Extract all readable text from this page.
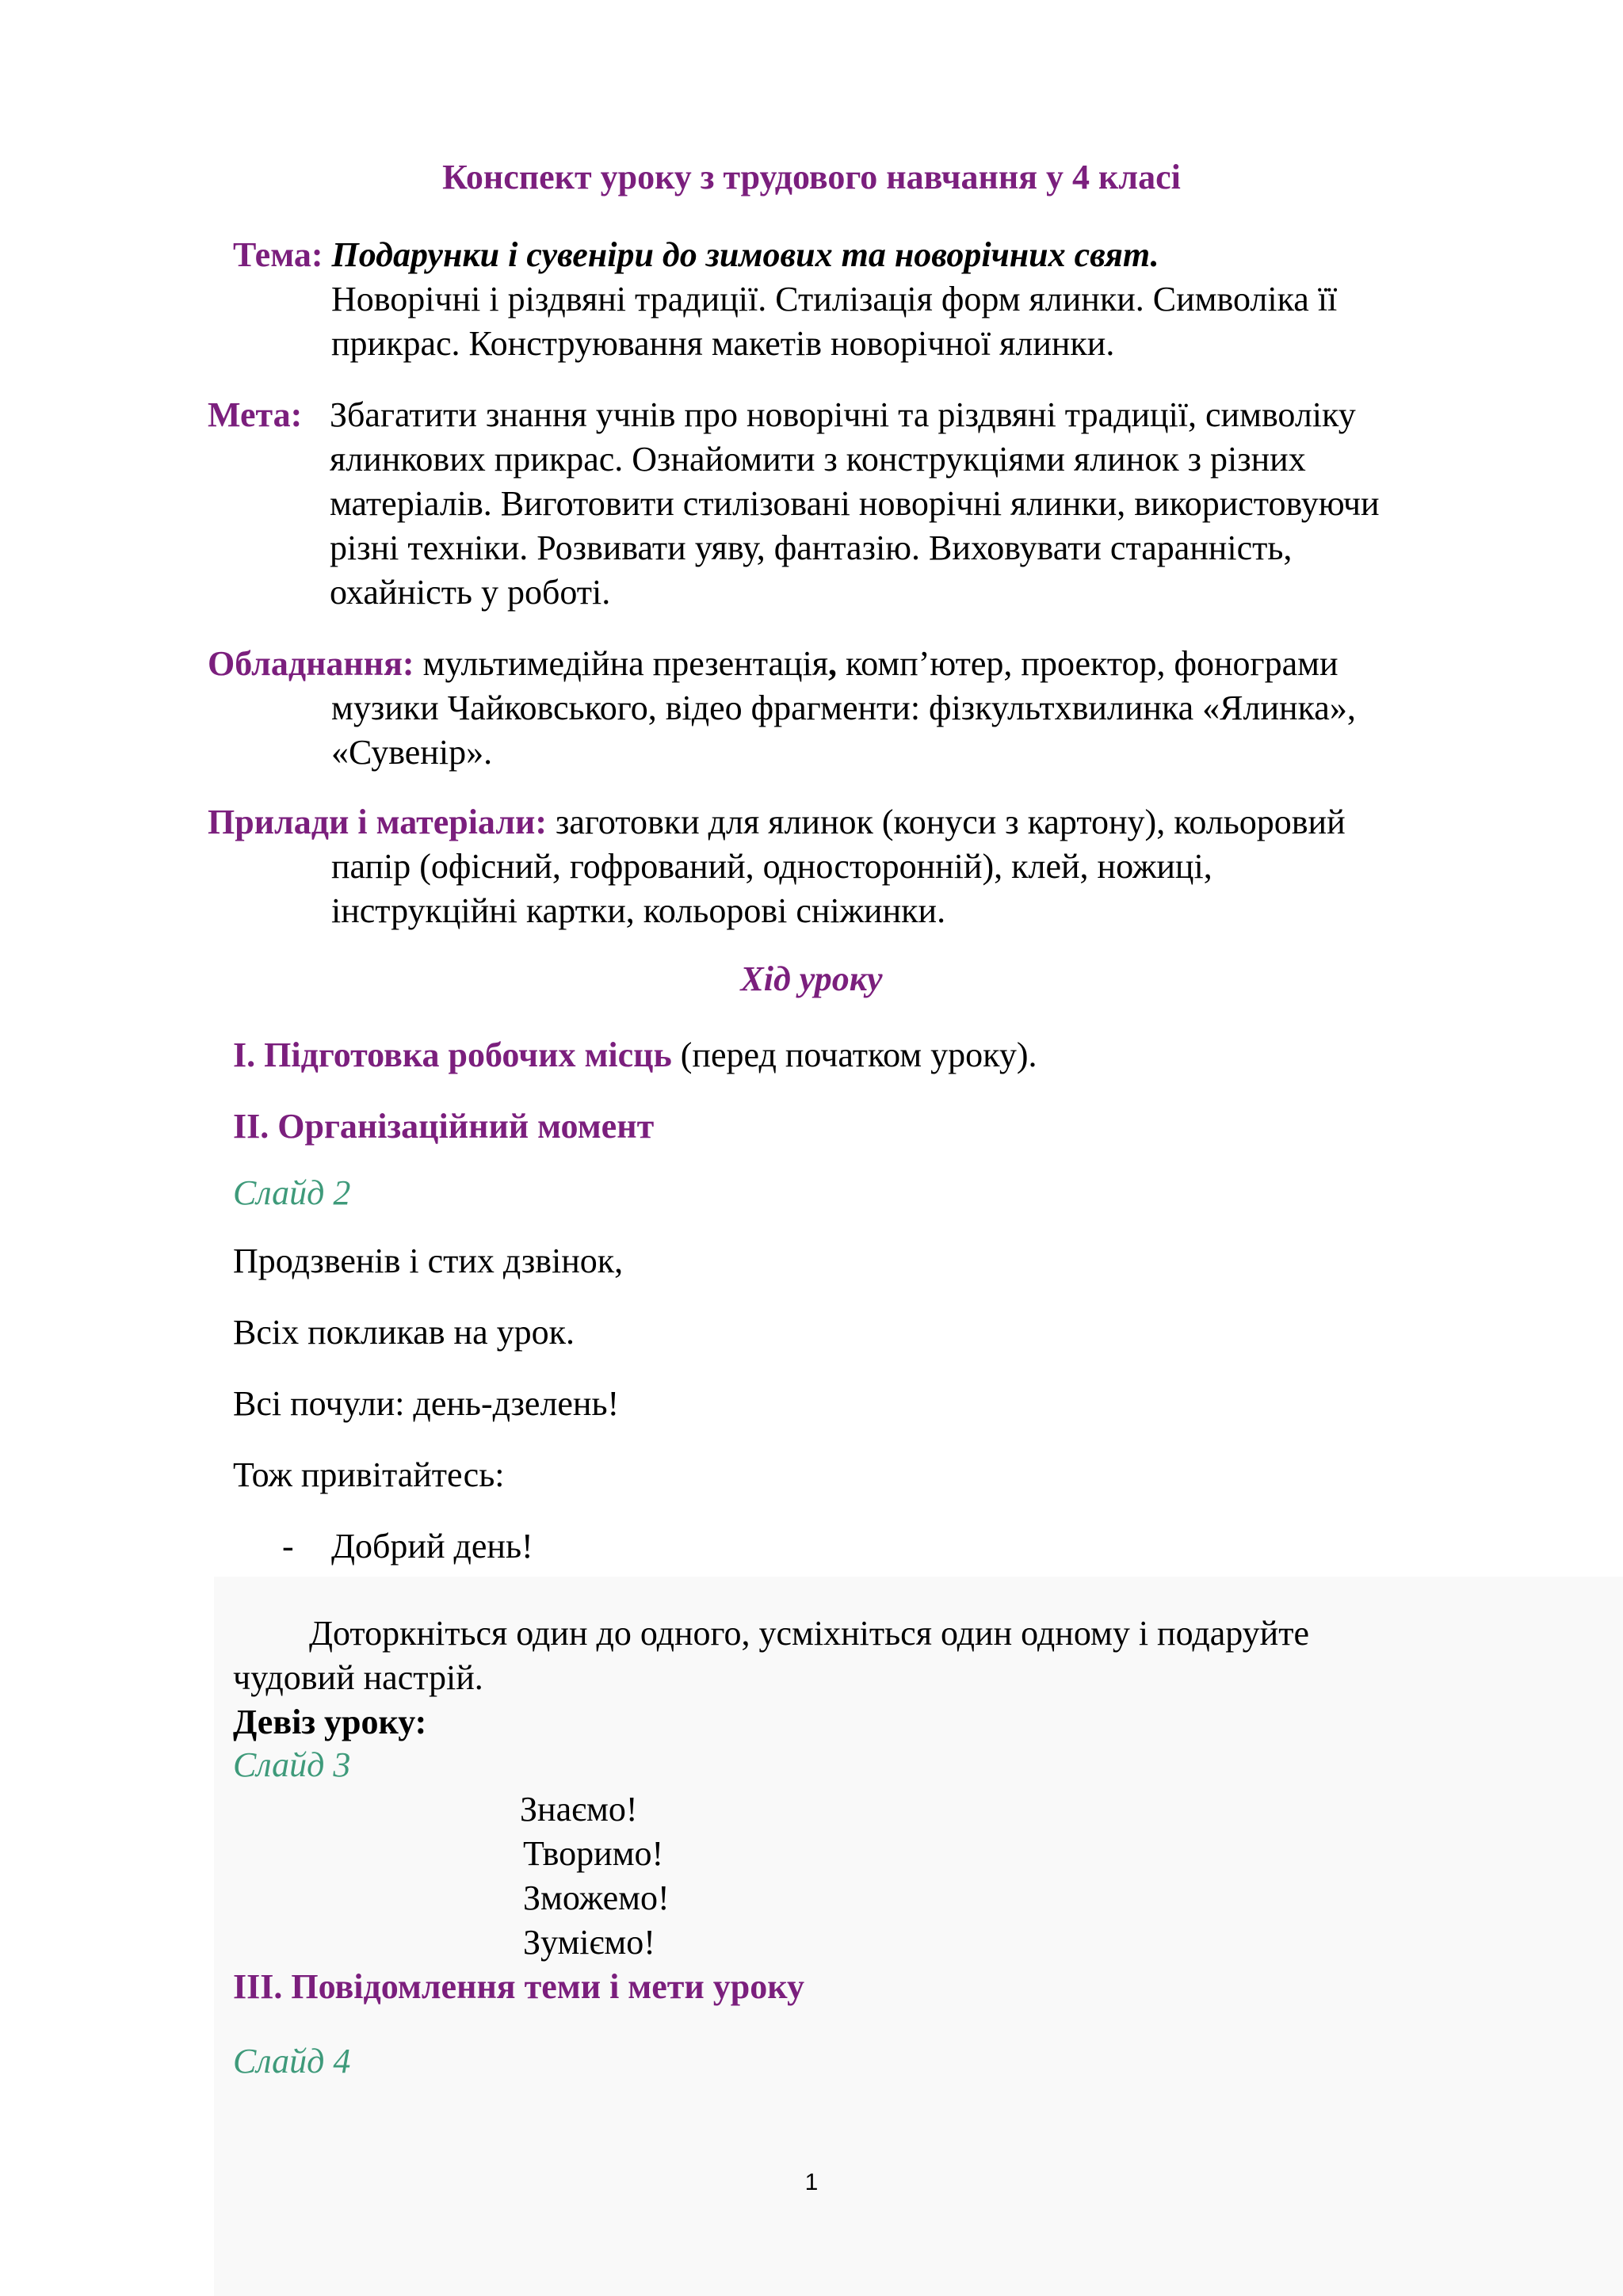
Конспект уроку з трудового навчання у 4 класі
Тема: Подарунки і сувеніри до зимових та новорічних свят.
Новорічні і різдвяні традиції. Стилізація форм ялинки. Символіка її
прикрас. Конструювання макетів новорічної ялинки.
Мета: Збагатити знання учнів про новорічні та різдвяні традиції, символіку
ялинкових прикрас. Ознайомити з конструкціями ялинок з різних
матеріалів. Виготовити стилізовані новорічні ялинки, використовуючи
різні техніки. Розвивати уяву, фантазію. Виховувати старанність,
охайність у роботі.
Обладнання: мультимедійна презентація, комп’ютер, проектор, фонограми
музики Чайковського, відео фрагменти: фізкультхвилинка «Ялинка»,
«Сувенір».
Прилади і матеріали: заготовки для ялинок (конуси з картону), кольоровий
папір (офісний, гофрований, односторонній), клей, ножиці,
інструкційні картки, кольорові сніжинки.
Хід уроку
І. Підготовка робочих місць (перед початком уроку).
ІІ. Організаційний момент
Слайд 2
Продзвенів і стих дзвінок,
Всіх покликав на урок.
Всі почули: день-дзелень!
Тож привітайтесь:
- Добрий день!
Доторкніться один до одного, усміхніться один одному і подаруйте
чудовий настрій.
Девіз уроку:
Слайд 3
Знаємо!
Творимо!
Зможемо!
Зуміємо!
ІІІ. Повідомлення теми і мети уроку
Слайд 4
1
